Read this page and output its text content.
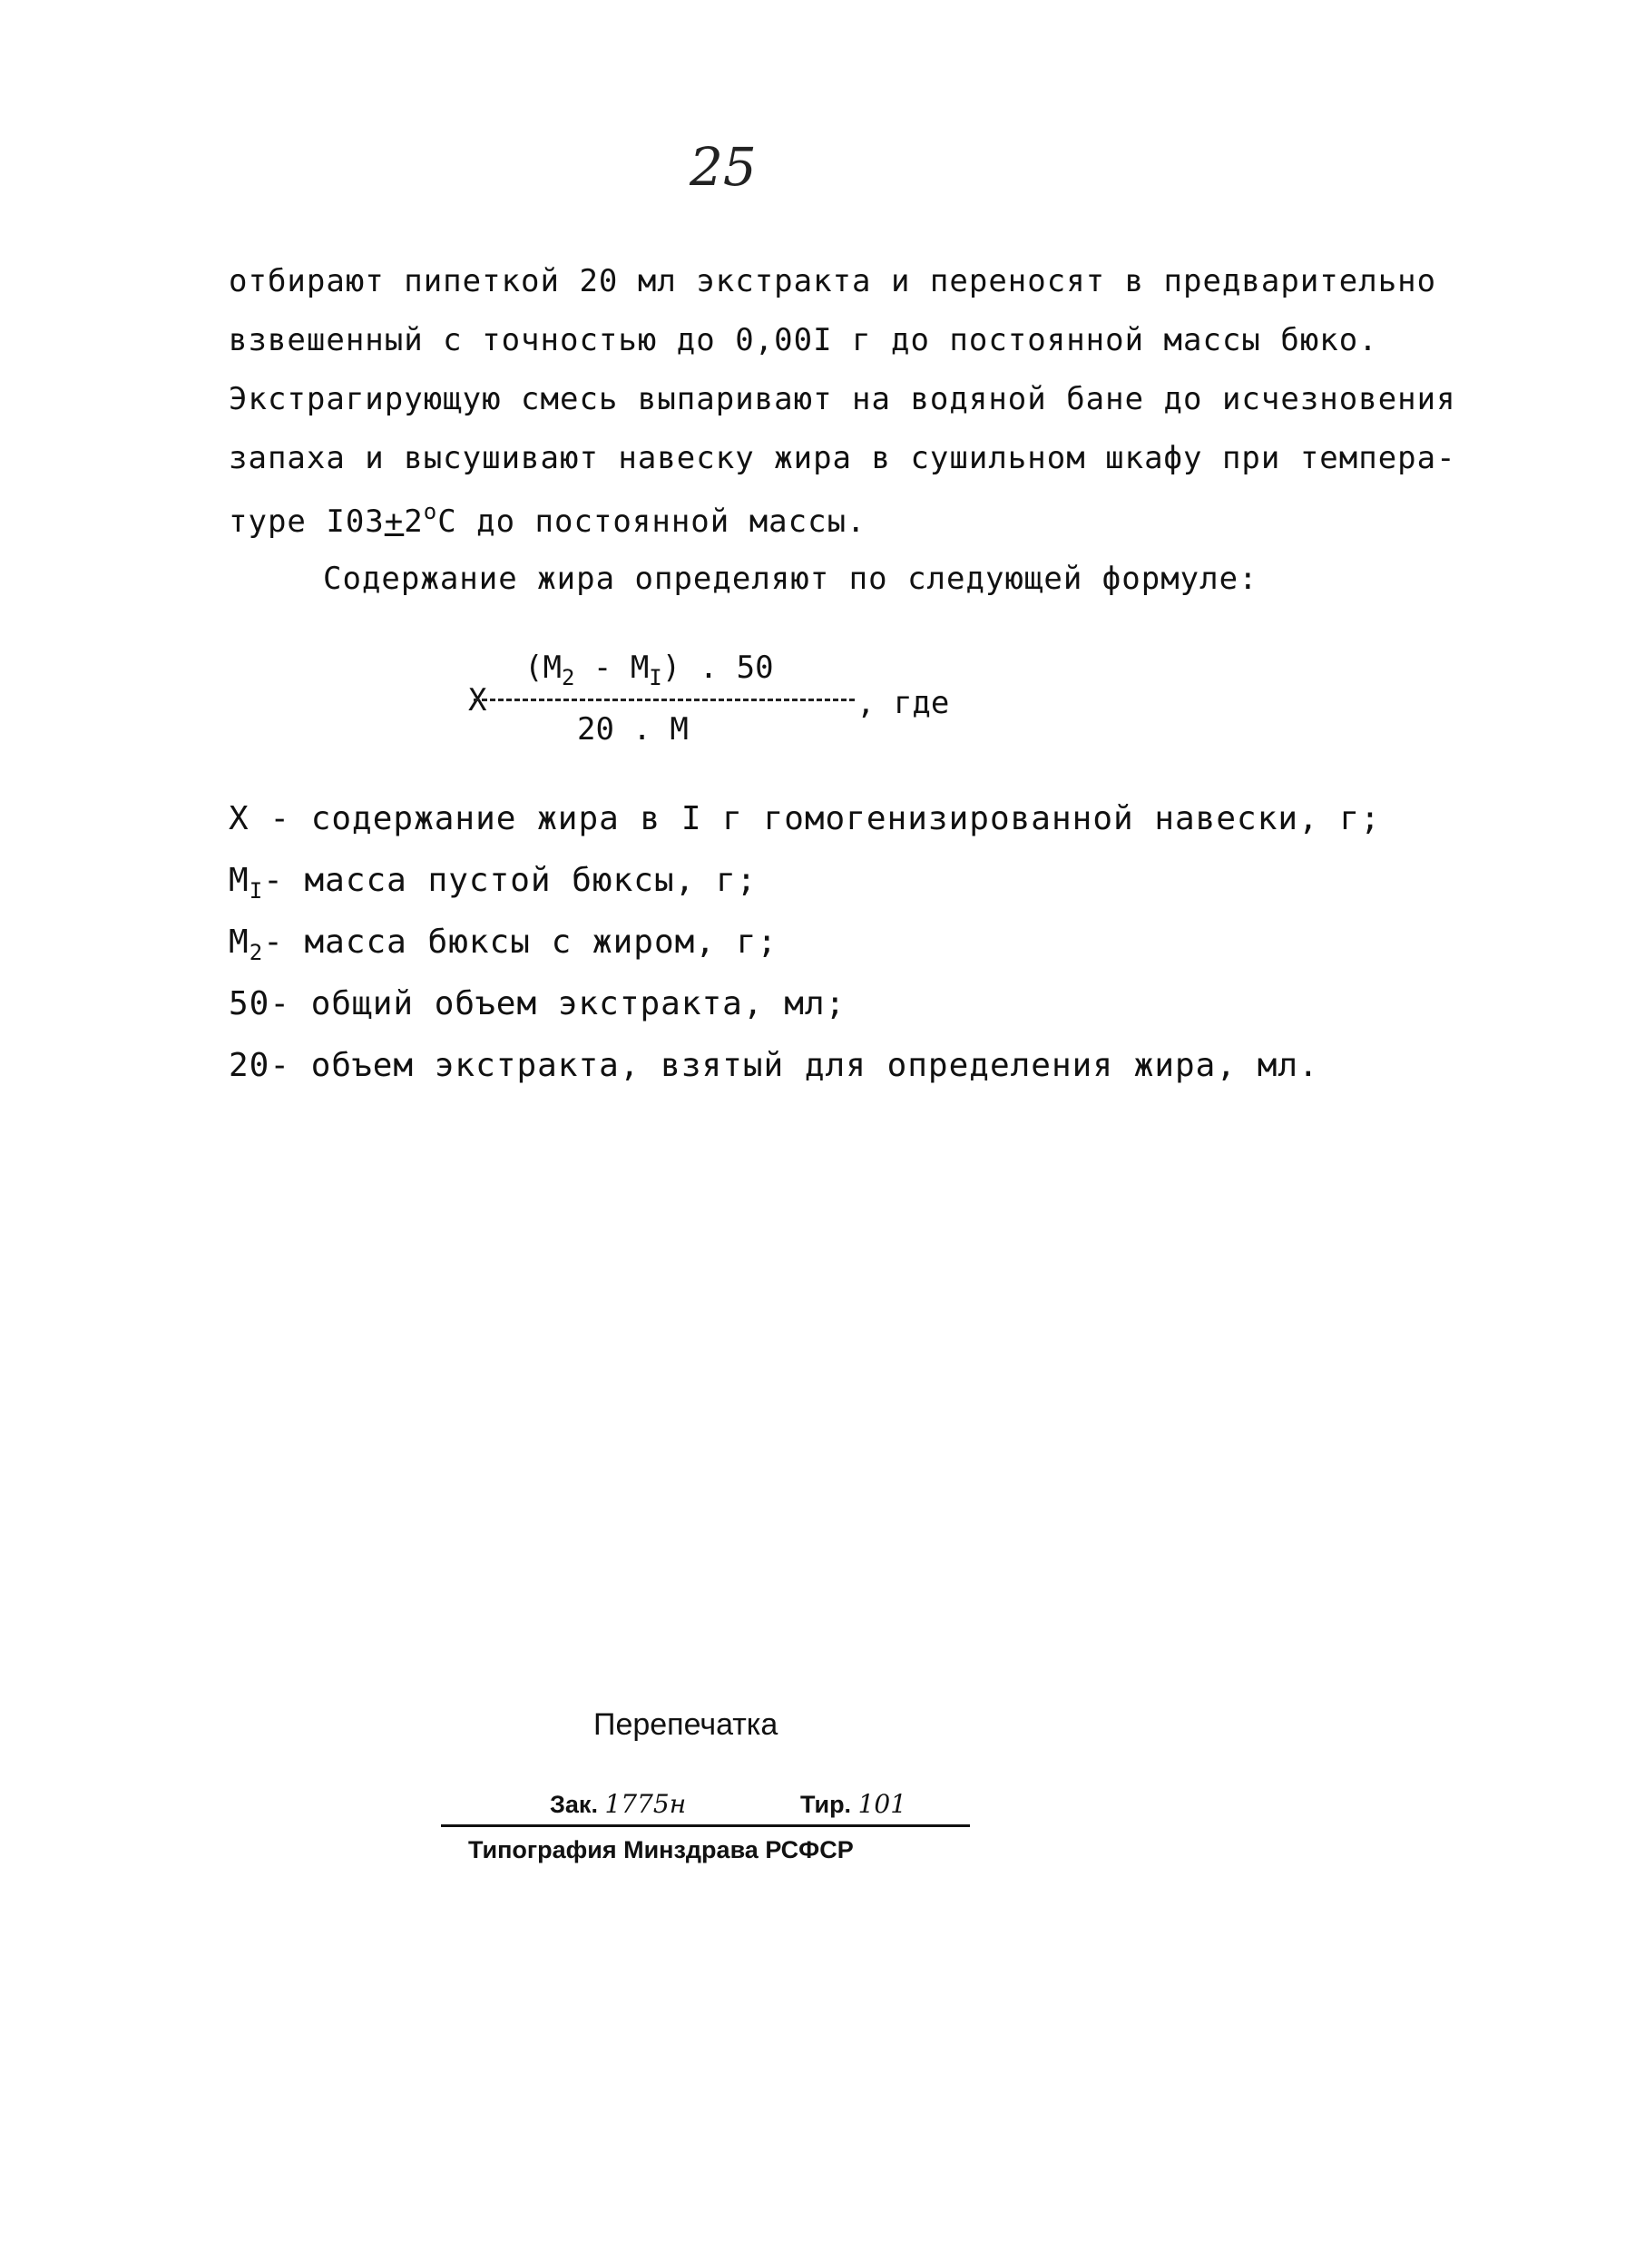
25
отбирают пипеткой 20 мл экстракта и переносят в предварительно
взвешенный с точностью до 0,00I г до постоянной массы бюко.
Экстрагирующую смесь выпаривают на водяной бане до исчезновения
запаха и высушивают навеску жира в сушильном шкафу при темпера-
туре $I03+2^оС$ до постоянной массы.
Содержание жира определяют по следующей формуле:
Х
$(М_2 - М_I)$ . 50
20 . М
, где
Х - содержание жира в I г гомогенизированной навески, г;
$М_I-$ масса пустой бюксы, г;
$М_2-$ масса бюксы с жиром, г;
50- общий объем экстракта, мл;
20- объем экстракта, взятый для определения жира, мл.
Перепечатка
Зак. 1775н	Тир. 101
Типография Минздрава РСФСР
